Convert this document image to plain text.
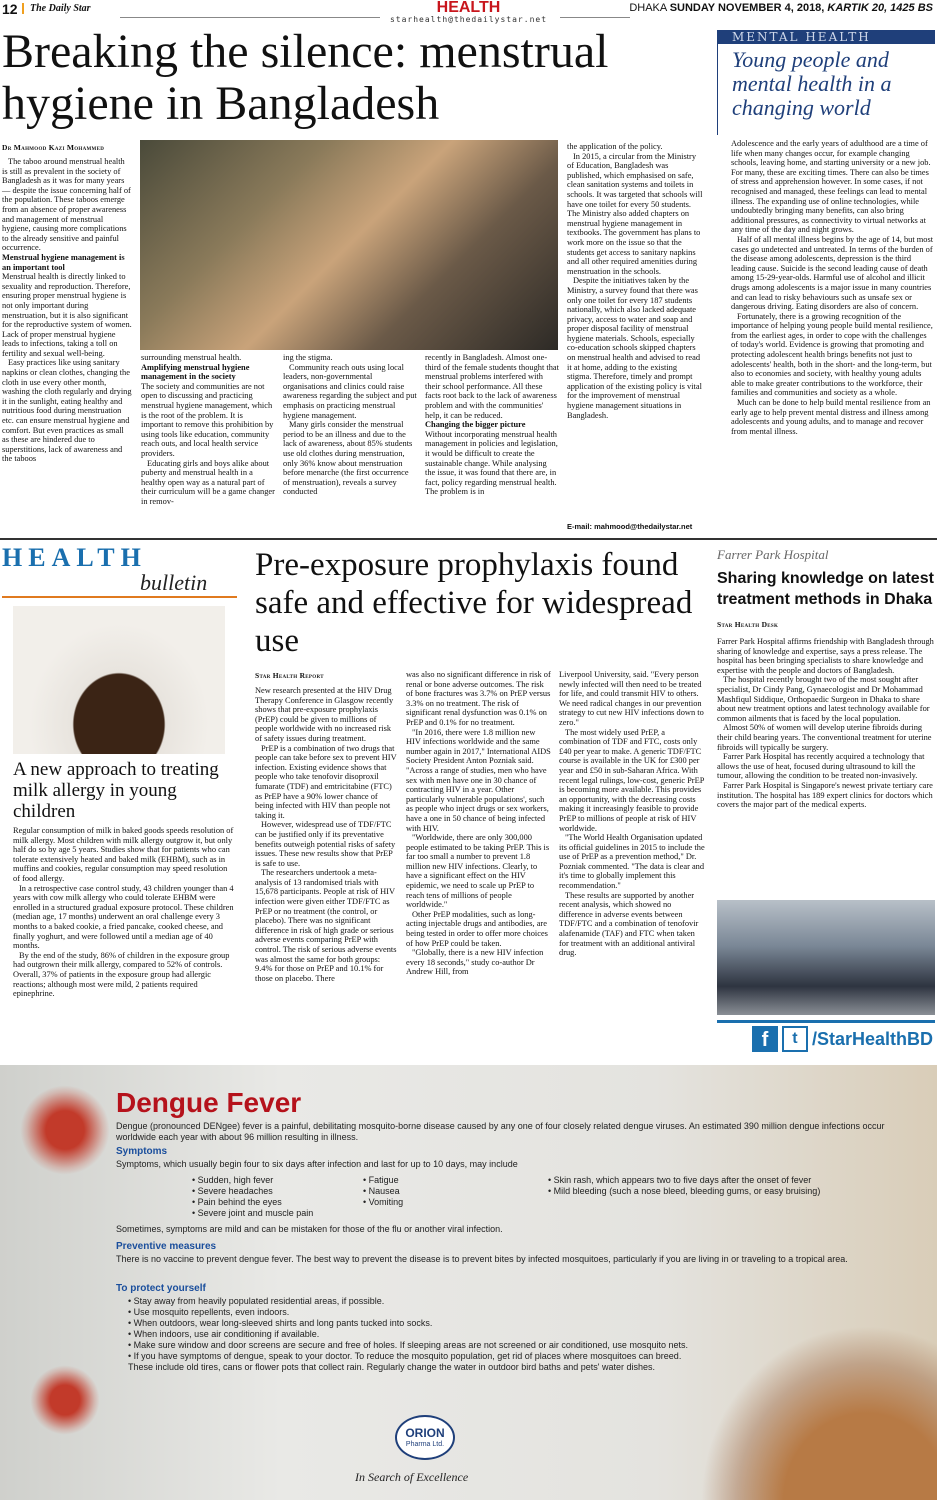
12	The Daily Star	HEALTH
starhealth@thedailystar.net
DHAKA SUNDAY NOVEMBER 4, 2018, KARTIK 20, 1425 BS
Breaking the silence: menstrual hygiene in Bangladesh
Dr Mahmood Kazi Mohammed

The taboo around menstrual health is still as prevalent in the society of Bangladesh as it was for many years — despite the issue concerning half of the population. These taboos emerge from an absence of proper awareness and management of menstrual hygiene, causing more complications to the already sensitive and painful occurrence.

Menstrual hygiene management is an important tool

Menstrual health is directly linked to sexuality and reproduction. Therefore, ensuring proper menstrual hygiene is not only important during menstruation, but it is also significant for the reproductive system of women. Lack of proper menstrual hygiene leads to infections, taking a toll on fertility and sexual well-being.

Easy practices like using sanitary napkins or clean clothes, changing the cloth in use every other month, washing the cloth regularly and drying it in the sunlight, eating healthy and nutritious food during menstruation etc. can ensure menstrual hygiene and comfort. But even practices as small as these are hindered due to superstitions, lack of awareness and the taboos

surrounding menstrual health.

Amplifying menstrual hygiene management in the society

The society and communities are not open to discussing and practicing menstrual hygiene management, which is the root of the problem. It is important to remove this prohibition by using tools like education, community reach outs, and local health service providers.

Educating girls and boys alike about puberty and menstrual health in a healthy open way as a natural part of their curriculum will be a game changer in remov-

ing the stigma.

Community reach outs using local leaders, non-governmental organisations and clinics could raise awareness regarding the subject and put emphasis on practicing menstrual hygiene management.

Many girls consider the menstrual period to be an illness and due to the lack of awareness, about 85% students use old clothes during menstruation, only 36% know about menstruation before menarche (the first occurrence of menstruation), reveals a survey conducted

recently in Bangladesh. Almost one-third of the female students thought that menstrual problems interfered with their school performance. All these facts root back to the lack of awareness problem and with the communities' help, it can be reduced.

Changing the bigger picture

Without incorporating menstrual health management in policies and legislation, it would be difficult to create the sustainable change. While analysing the issue, it was found that there are, in fact, policy regarding menstrual health. The problem is in

the application of the policy.

In 2015, a circular from the Ministry of Education, Bangladesh was published, which emphasised on safe, clean sanitation systems and toilets in schools. It was targeted that schools will have one toilet for every 50 students. The Ministry also added chapters on menstrual hygiene management in textbooks. The government has plans to work more on the issue so that the students get access to sanitary napkins and all other required amenities during menstruation in the schools.

Despite the initiatives taken by the Ministry, a survey found that there was only one toilet for every 187 students nationally, which also lacked adequate privacy, access to water and soap and proper disposal facility of menstrual hygiene materials. Schools, especially co-education schools skipped chapters on menstrual health and advised to read it at home, adding to the existing stigma. Therefore, timely and prompt application of the existing policy is vital for the improvement of menstrual hygiene management situations in Bangladesh.

E-mail: mahmood@thedailystar.net
MENTAL HEALTH
Young people and mental health in a changing world

Adolescence and the early years of adulthood are a time of life when many changes occur, for example changing schools, leaving home, and starting university or a new job. For many, these are exciting times. There can also be times of stress and apprehension however. In some cases, if not recognised and managed, these feelings can lead to mental illness. The expanding use of online technologies, while undoubtedly bringing many benefits, can also bring additional pressures, as connectivity to virtual networks at any time of the day and night grows.

Half of all mental illness begins by the age of 14, but most cases go undetected and untreated. In terms of the burden of the disease among adolescents, depression is the third leading cause. Suicide is the second leading cause of death among 15-29-year-olds. Harmful use of alcohol and illicit drugs among adolescents is a major issue in many countries and can lead to risky behaviours such as unsafe sex or dangerous driving. Eating disorders are also of concern.

Fortunately, there is a growing recognition of the importance of helping young people build mental resilience, from the earliest ages, in order to cope with the challenges of today's world. Evidence is growing that promoting and protecting adolescent health brings benefits not just to adolescents' health, both in the short- and the long-term, but also to economies and society, with healthy young adults able to make greater contributions to the workforce, their families and communities and society as a whole.

Much can be done to help build mental resilience from an early age to help prevent mental distress and illness among adolescents and young adults, and to manage and recover from mental illness.

HEALTH
bulletin
A new approach to treating milk allergy in young children

Regular consumption of milk in baked goods speeds resolution of milk allergy. Most children with milk allergy outgrow it, but only half do so by age 5 years. Studies show that for patients who can tolerate extensively heated and baked milk (EHBM), such as in muffins and cookies, regular consumption may speed resolution of food allergy.

In a retrospective case control study, 43 children younger than 4 years with cow milk allergy who could tolerate EHBM were enrolled in a structured gradual exposure protocol. These children (median age, 17 months) underwent an oral challenge every 3 months to a baked cookie, a fried pancake, cooked cheese, and finally yoghurt, and were followed until a median age of 40 months.

By the end of the study, 86% of children in the exposure group had outgrown their milk allergy, compared to 52% of controls. Overall, 37% of patients in the exposure group had allergic reactions; although most were mild, 2 patients required epinephrine.

Pre-exposure prophylaxis found safe and effective for widespread use
Star Health Report

New research presented at the HIV Drug Therapy Conference in Glasgow recently shows that pre-exposure prophylaxis (PrEP) could be given to millions of people worldwide with no increased risk of safety issues during treatment.

PrEP is a combination of two drugs that people can take before sex to prevent HIV infection. Existing evidence shows that people who take tenofovir disoproxil fumarate (TDF) and emtricitabine (FTC) as PrEP have a 90% lower chance of being infected with HIV than people not taking it.

However, widespread use of TDF/FTC can be justified only if its preventative benefits outweigh potential risks of safety issues. These new results show that PrEP is safe to use.

The researchers undertook a meta-analysis of 13 randomised trials with 15,678 participants. People at risk of HIV infection were given either TDF/FTC as PrEP or no treatment (the control, or placebo). There was no significant difference in risk of high grade or serious adverse events comparing PrEP with control. The risk of serious adverse events was almost the same for both groups: 9.4% for those on PrEP and 10.1% for those on placebo. There

was also no significant difference in risk of renal or bone adverse outcomes. The risk of bone fractures was 3.7% on PrEP versus 3.3% on no treatment. The risk of significant renal dysfunction was 0.1% on PrEP and 0.1% for no treatment.

"In 2016, there were 1.8 million new HIV infections worldwide and the same number again in 2017," International AIDS Society President Anton Pozniak said. "Across a range of studies, men who have sex with men have one in 30 chance of contracting HIV in a year. Other particularly vulnerable populations', such as people who inject drugs or sex workers, have a one in 50 chance of being infected with HIV.

"Worldwide, there are only 300,000 people estimated to be taking PrEP. This is far too small a number to prevent 1.8 million new HIV infections. Clearly, to have a significant effect on the HIV epidemic, we need to scale up PrEP to reach tens of millions of people worldwide."

Other PrEP modalities, such as long-acting injectable drugs and antibodies, are being tested in order to offer more choices of how PrEP could be taken.

"Globally, there is a new HIV infection every 18 seconds," study co-author Dr Andrew Hill, from

Liverpool University, said. "Every person newly infected will then need to be treated for life, and could transmit HIV to others. We need radical changes in our prevention strategy to cut new HIV infections down to zero."

The most widely used PrEP, a combination of TDF and FTC, costs only £40 per year to make. A generic TDF/FTC course is available in the UK for £300 per year and £50 in sub-Saharan Africa. With recent legal rulings, low-cost, generic PrEP is becoming more available. This provides an opportunity, with the decreasing costs making it increasingly feasible to provide PrEP to millions of people at risk of HIV worldwide.

"The World Health Organisation updated its official guidelines in 2015 to include the use of PrEP as a prevention method," Dr. Pozniak commented. "The data is clear and it's time to globally implement this recommendation."

These results are supported by another recent analysis, which showed no difference in adverse events between TDF/FTC and a combination of tenofovir alafenamide (TAF) and FTC when taken for treatment with an additional antiviral drug.

Farrer Park Hospital
Sharing knowledge on latest treatment methods in Dhaka
Star Health Desk

Farrer Park Hospital affirms friendship with Bangladesh through sharing of knowledge and expertise, says a press release. The hospital has been bringing specialists to share knowledge and expertise with the people and doctors of Bangladesh.

The hospital recently brought two of the most sought after specialist, Dr Cindy Pang, Gynaecologist and Dr Mohammad Mashfiqul Siddique, Orthopaedic Surgeon in Dhaka to share about new treatment options and latest technology available for common ailments that is faced by the local population.

Almost 50% of women will develop uterine fibroids during their child bearing years. The conventional treatment for uterine fibroids will typically be surgery.

Farrer Park Hospital has recently acquired a technology that allows the use of heat, focused during ultrasound to kill the tumour, allowing the condition to be treated non-invasively.

Farrer Park Hospital is Singapore's newest private tertiary care institution. The hospital has 189 expert clinics for doctors which covers the major part of the medical experts.

f	t /StarHealthBD
Dengue Fever
Dengue (pronounced DENgee) fever is a painful, debilitating mosquito-borne disease caused by any one of four closely related dengue viruses. An estimated 390 million dengue infections occur worldwide each year with about 96 million resulting in illness.
Symptoms
Symptoms, which usually begin four to six days after infection and last for up to 10 days, may include
• Sudden, high fever
• Severe headaches
• Pain behind the eyes
• Severe joint and muscle pain
• Fatigue
• Nausea
• Vomiting
• Skin rash, which appears two to five days after the onset of fever
• Mild bleeding (such a nose bleed, bleeding gums, or easy bruising)
Sometimes, symptoms are mild and can be mistaken for those of the flu or another viral infection.
Preventive measures
There is no vaccine to prevent dengue fever. The best way to prevent the disease is to prevent bites by infected mosquitoes, particularly if you are living in or traveling to a tropical area.
To protect yourself
• Stay away from heavily populated residential areas, if possible.
• Use mosquito repellents, even indoors.
• When outdoors, wear long-sleeved shirts and long pants tucked into socks.
• When indoors, use air conditioning if available.
• Make sure window and door screens are secure and free of holes. If sleeping areas are not screened or air conditioned, use mosquito nets.
• If you have symptoms of dengue, speak to your doctor. To reduce the mosquito population, get rid of places where mosquitoes can breed. These include old tires, cans or flower pots that collect rain. Regularly change the water in outdoor bird baths and pets' water dishes.
ORION
Pharma Ltd.
In Search of Excellence
